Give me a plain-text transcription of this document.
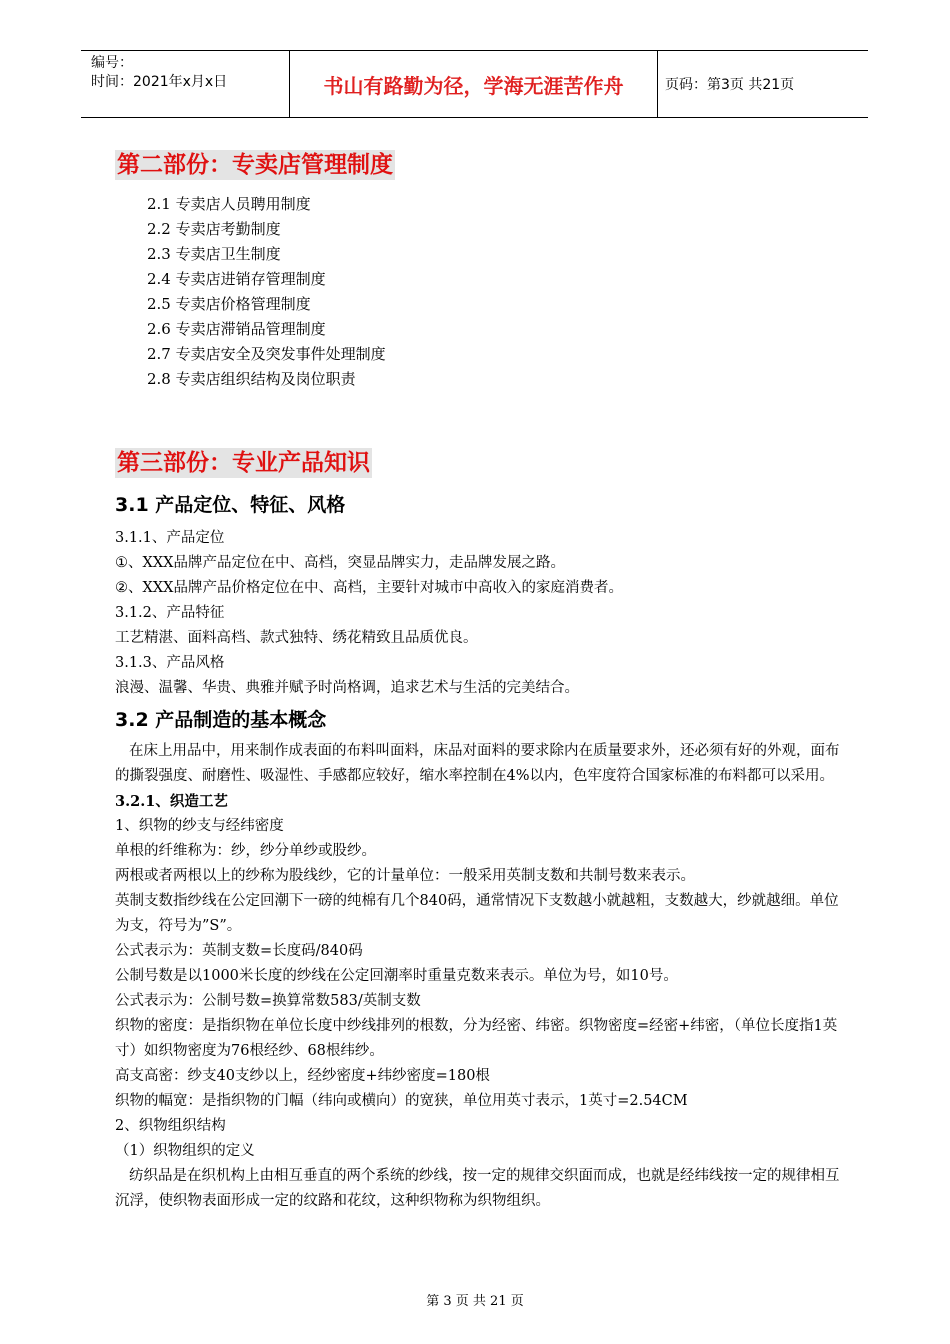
编号：
时间：2021年x月x日	书山有路勤为径，学海无涯苦作舟	页码：第3页 共21页
第二部份：专卖店管理制度
2.1 专卖店人员聘用制度
2.2 专卖店考勤制度
2.3 专卖店卫生制度
2.4 专卖店进销存管理制度
2.5 专卖店价格管理制度
2.6 专卖店滞销品管理制度
2.7 专卖店安全及突发事件处理制度
2.8 专卖店组织结构及岗位职责
第三部份：专业产品知识
3.1 产品定位、特征、风格
3.1.1、产品定位
①、XXX品牌产品定位在中、高档，突显品牌实力，走品牌发展之路。
②、XXX品牌产品价格定位在中、高档，主要针对城市中高收入的家庭消费者。
3.1.2、产品特征
工艺精湛、面料高档、款式独特、绣花精致且品质优良。
3.1.3、产品风格
浪漫、温馨、华贵、典雅并赋予时尚格调，追求艺术与生活的完美结合。
3.2 产品制造的基本概念
在床上用品中，用来制作成表面的布料叫面料，床品对面料的要求除内在质量要求外，还必须有好的外观，面布的撕裂强度、耐磨性、吸湿性、手感都应较好，缩水率控制在4%以内，色牢度符合国家标准的布料都可以采用。
3.2.1、织造工艺
1、织物的纱支与经纬密度
单根的纤维称为：纱，纱分单纱或股纱。
两根或者两根以上的纱称为股线纱，它的计量单位：一般采用英制支数和共制号数来表示。
英制支数指纱线在公定回潮下一磅的纯棉有几个840码，通常情况下支数越小就越粗，支数越大，纱就越细。单位为支，符号为”S”。
公式表示为：英制支数=长度码/840码
公制号数是以1000米长度的纱线在公定回潮率时重量克数来表示。单位为号，如10号。
公式表示为：公制号数=换算常数583/英制支数
织物的密度：是指织物在单位长度中纱线排列的根数，分为经密、纬密。织物密度=经密+纬密，（单位长度指1英寸）如织物密度为76根经纱、68根纬纱。
高支高密：纱支40支纱以上，经纱密度+纬纱密度=180根
织物的幅宽：是指织物的门幅（纬向或横向）的宽狭，单位用英寸表示，1英寸=2.54CM
2、织物组织结构
（1）织物组织的定义
纺织品是在织机构上由相互垂直的两个系统的纱线，按一定的规律交织面而成，也就是经纬线按一定的规律相互沉浮，使织物表面形成一定的纹路和花纹，这种织物称为织物组织。
第 3 页 共 21 页
